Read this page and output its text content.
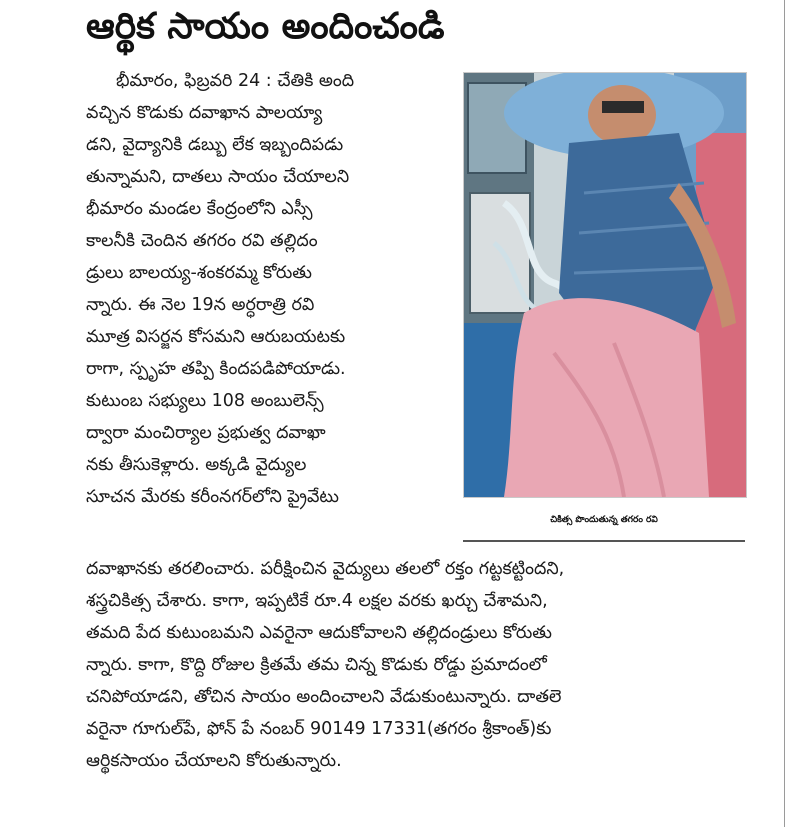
ఆర్థిక సాయం అందించండి

భీమారం, ఫిబ్రవరి 24 : చేతికి అంది

వచ్చిన కొడుకు దవాఖాన పాలయ్యా

డని, వైద్యానికి డబ్బు లేక ఇబ్బందిపడు

తున్నామని, దాతలు సాయం చేయాలని

భీమారం మండల కేంద్రంలోని ఎస్సీ

కాలనీకి చెందిన తగరం రవి తల్లిదం

డ్రులు బాలయ్య-శంకరమ్మ కోరుతు

న్నారు. ఈ నెల 19న అర్ధరాత్రి రవి

మూత్ర విసర్జన కోసమని ఆరుబయటకు

రాగా, స్పృహ తప్పి కిందపడిపోయాడు.

కుటుంబ సభ్యులు 108 అంబులెన్స్

ద్వారా మంచిర్యాల ప్రభుత్వ దవాఖా

నకు తీసుకెళ్లారు. అక్కడి వైద్యుల

సూచన మేరకు కరీంనగర్‌లోని ప్రైవేటు

దవాఖానకు తరలించారు. పరీక్షించిన వైద్యులు తలలో రక్తం గట్టకట్టిందని,

శస్త్రచికిత్స చేశారు. కాగా, ఇప్పటికే రూ.4 లక్షల వరకు ఖర్చు చేశామని,

తమది పేద కుటుంబమని ఎవరైనా ఆదుకోవాలని తల్లిదండ్రులు కోరుతు

న్నారు. కాగా, కొద్ది రోజుల క్రితమే తమ చిన్న కొడుకు రోడ్డు ప్రమాదంలో

చనిపోయాడని, తోచిన సాయం అందించాలని వేడుకుంటున్నారు. దాతలె

వరైనా గూగుల్‌పే, ఫోన్ పే నంబర్ 90149 17331(తగరం శ్రీకాంత్)కు

ఆర్థికసాయం చేయాలని కోరుతున్నారు.

చికిత్స పొందుతున్న తగరం రవి
